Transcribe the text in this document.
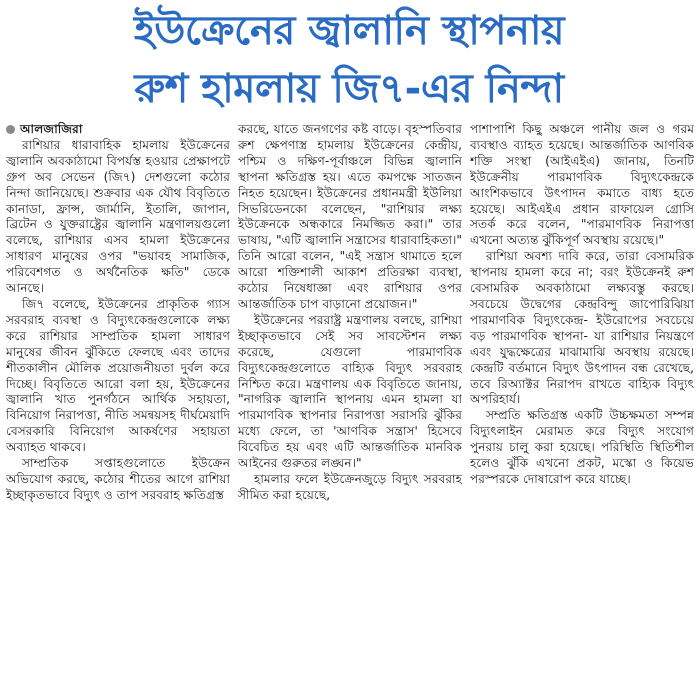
ইউক্রেনের জ্বালানি স্থাপনায়
রুশ হামলায় জি৭-এর নিন্দা

আলজাজিরা

রাশিয়ার ধারাবাহিক হামলায় ইউক্রেনের জ্বালানি অবকাঠামো বিপর্যস্ত হওয়ার প্রেক্ষাপটে গ্রুপ অব সেভেন (জি৭) দেশগুলো কঠোর নিন্দা জানিয়েছে। শুক্রবার এক যৌথ বিবৃতিতে কানাডা, ফ্রান্স, জার্মানি, ইতালি, জাপান, ব্রিটেন ও যুক্তরাষ্ট্রের জ্বালানি মন্ত্রণালয়গুলো বলেছে, রাশিয়ার এসব হামলা ইউক্রেনের সাধারণ মানুষের ওপর "ভয়াবহ সামাজিক, পরিবেশগত ও অর্থনৈতিক ক্ষতি" ডেকে আনছে।

জি৭ বলেছে, ইউক্রেনের প্রাকৃতিক গ্যাস সরবরাহ ব্যবস্থা ও বিদ্যুৎকেন্দ্রগুলোকে লক্ষ্য করে রাশিয়ার সাম্প্রতিক হামলা সাধারণ মানুষের জীবন ঝুঁকিতে ফেলছে এবং তাদের শীতকালীন মৌলিক প্রয়োজনীয়তা দুর্বল করে দিচ্ছে। বিবৃতিতে আরো বলা হয়, ইউক্রেনের জ্বালানি খাত পুনর্গঠনে আর্থিক সহায়তা, বিনিয়োগ নিরাপত্তা, নীতি সমন্বয়সহ দীর্ঘমেয়াদি বেসরকারি বিনিয়োগ আকর্ষণের সহায়তা অব্যাহত থাকবে।

সাম্প্রতিক সপ্তাহগুলোতে ইউক্রেন অভিযোগ করছে, কঠোর শীতের আগে রাশিয়া ইচ্ছাকৃতভাবে বিদ্যুৎ ও তাপ সরবরাহ ক্ষতিগ্রস্ত

করছে, যাতে জনগণের কষ্ট বাড়ে। বৃহস্পতিবার রুশ ক্ষেপণাস্ত্র হামলায় ইউক্রেনের কেন্দ্রীয়, পশ্চিম ও দক্ষিণ-পূর্বাঞ্চলে বিভিন্ন জ্বালানি স্থাপনা ক্ষতিগ্রস্ত হয়। এতে কমপক্ষে সাতজন নিহত হয়েছেন। ইউক্রেনের প্রধানমন্ত্রী ইউলিয়া সিভরিডেনকো বলেছেন, "রাশিয়ার লক্ষ্য ইউক্রেনকে অন্ধকারে নিমজ্জিত করা।" তার ভাষায়, "এটি জ্বালানি সন্ত্রাসের ধারাবাহিকতা।" তিনি আরো বলেন, "এই সন্ত্রাস থামাতে হলে আরো শক্তিশালী আকাশ প্রতিরক্ষা ব্যবস্থা, কঠোর নিষেধাজ্ঞা এবং রাশিয়ার ওপর আন্তর্জাতিক চাপ বাড়ানো প্রয়োজন।"

ইউক্রেনের পররাষ্ট্র মন্ত্রণালয় বলছে, রাশিয়া ইচ্ছাকৃতভাবে সেই সব সাবস্টেশন লক্ষ্য করেছে, যেগুলো পারমাণবিক বিদ্যুৎকেন্দ্রগুলোতে বাহ্যিক বিদ্যুৎ সরবরাহ নিশ্চিত করে। মন্ত্রণালয় এক বিবৃতিতে জানায়, "নাগরিক জ্বালানি স্থাপনায় এমন হামলা যা পারমাণবিক স্থাপনার নিরাপত্তা সরাসরি ঝুঁকির মধ্যে ফেলে, তা 'আণবিক সন্ত্রাস' হিসেবে বিবেচিত হয় এবং এটি আন্তর্জাতিক মানবিক আইনের গুরুতর লঙ্ঘন।"

হামলার ফলে ইউক্রেনজুড়ে বিদ্যুৎ সরবরাহ সীমিত করা হয়েছে,

পাশাপাশি কিছু অঞ্চলে পানীয় জল ও গরম ব্যবস্থাও ব্যাহত হয়েছে। আন্তর্জাতিক আণবিক শক্তি সংস্থা (আইএইএ) জানায়, তিনটি ইউক্রেনীয় পারমাণবিক বিদ্যুৎকেন্দ্রকে আংশিকভাবে উৎপাদন কমাতে বাধ্য হতে হয়েছে। আইএইএ প্রধান রাফায়েল গ্রোসি সতর্ক করে বলেন, "পারমাণবিক নিরাপত্তা এখনো অত্যন্ত ঝুঁকিপূর্ণ অবস্থায় রয়েছে।"

রাশিয়া অবশ্য দাবি করে, তারা বেসামরিক স্থাপনায় হামলা করে না; বরং ইউক্রেনই রুশ বেসামরিক অবকাঠামো লক্ষ্যবস্তু করছে। সবচেয়ে উদ্বেগের কেন্দ্রবিন্দু জাপোরিঝিয়া পারমাণবিক বিদ্যুৎকেন্দ্র- ইউরোপের সবচেয়ে বড় পারমাণবিক স্থাপনা- যা রাশিয়ার নিয়ন্ত্রণে এবং যুদ্ধক্ষেত্রের মাঝামাঝি অবস্থায় রয়েছে। কেন্দ্রটি বর্তমানে বিদ্যুৎ উৎপাদন বন্ধ রেখেছে, তবে রিঅ্যাক্টর নিরাপদ রাখতে বাহ্যিক বিদ্যুৎ অপরিহার্য।

সম্প্রতি ক্ষতিগ্রস্ত একটি উচ্চক্ষমতা সম্পন্ন বিদ্যুৎলাইন মেরামত করে বিদ্যুৎ সংযোগ পুনরায় চালু করা হয়েছে। পরিস্থিতি স্থিতিশীল হলেও ঝুঁকি এখনো প্রকট, মস্কো ও কিয়েভ পরস্পরকে দোষারোপ করে যাচ্ছে।
